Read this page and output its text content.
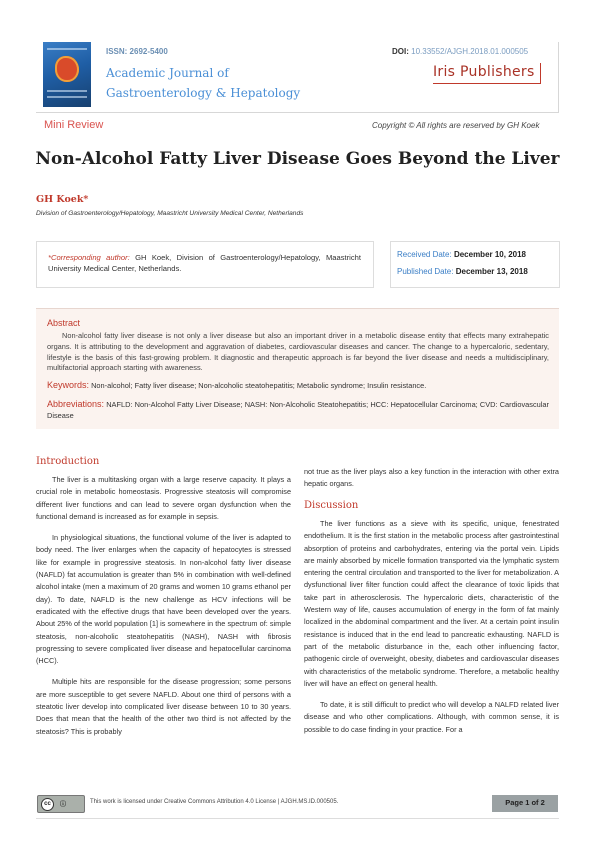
ISSN: 2692-5400
Academic Journal of
Gastroenterology & Hepatology
DOI: 10.33552/AJGH.2018.01.000505
Iris Publishers
Mini Review	Copyright © All rights are reserved by GH Koek
Non-Alcohol Fatty Liver Disease Goes Beyond the Liver
GH Koek*
Division of Gastroenterology/Hepatology, Maastricht University Medical Center, Netherlands
*Corresponding author: GH Koek, Division of Gastroenterology/Hepatology, Maastricht University Medical Center, Netherlands.
Received Date: December 10, 2018
Published Date: December 13, 2018
Abstract
Non-alcohol fatty liver disease is not only a liver disease but also an important driver in a metabolic disease entity that effects many extrahepatic organs. It is attributing to the development and aggravation of diabetes, cardiovascular diseases and cancer. The change to a hypercaloric, sedentary, lifestyle is the basis of this fast-growing problem. It diagnostic and therapeutic approach is far beyond the liver disease and needs a multidisciplinary, multifactorial approach starting with awareness.
Keywords: Non-alcohol; Fatty liver disease; Non-alcoholic steatohepatitis; Metabolic syndrome; Insulin resistance.
Abbreviations: NAFLD: Non-Alcohol Fatty Liver Disease; NASH: Non-Alcoholic Steatohepatitis; HCC: Hepatocellular Carcinoma; CVD: Cardiovascular Disease
Introduction

The liver is a multitasking organ with a large reserve capacity. It plays a crucial role in metabolic homeostasis. Progressive steatosis will compromise different liver functions and can lead to severe organ dysfunction when the functional demand is increased as for example in sepsis.

In physiological situations, the functional volume of the liver is adapted to body need. The liver enlarges when the capacity of hepatocytes is stressed like for example in progressive steatosis. In non-alcohol fatty liver disease (NAFLD) fat accumulation is greater than 5% in combination with well-defined alcohol intake (men a maximum of 20 grams and women 10 grams ethanol per day). To date, NAFLD is the new challenge as HCV infections will be eradicated with the effective drugs that have been developed over the years. About 25% of the world population [1] is somewhere in the spectrum of: simple steatosis, non-alcoholic steatohepatitis (NASH), NASH with fibrosis progressing to severe complicated liver disease and hepatocellular carcinoma (HCC).

Multiple hits are responsible for the disease progression; some persons are more susceptible to get severe NAFLD. About one third of persons with a steatotic liver develop into complicated liver disease between 10 to 30 years. Does that mean that the health of the other two third is not affected by the steatosis? This is probably

not true as the liver plays also a key function in the interaction with other extra hepatic organs.

Discussion

The liver functions as a sieve with its specific, unique, fenestrated endothelium. It is the first station in the metabolic process after gastrointestinal absorption of proteins and carbohydrates, entering via the portal vein. Lipids are mainly absorbed by micelle formation transported via the lymphatic system entering the central circulation and transported to the liver for metabolization. A dysfunctional liver filter function could affect the clearance of toxic lipids that take part in atherosclerosis. The hypercaloric diets, characteristic of the Western way of life, causes accumulation of energy in the form of fat mainly localized in the abdominal compartment and the liver. At a certain point insulin resistance is induced that in the end lead to pancreatic exhausting. NAFLD is part of the metabolic disturbance in the, each other influencing factor, pathogenic circle of overweight, obesity, diabetes and cardiovascular diseases with characteristics of the metabolic syndrome. Therefore, a metabolic healthy liver will have an effect on general health.

To date, it is still difficult to predict who will develop a NALFD related liver disease and who other complications. Although, with common sense, it is possible to do case finding in your practice. For a

cc	ⓘ	This work is licensed under Creative Commons Attribution 4.0 License | AJGH.MS.ID.000505.	Page 1 of 2
